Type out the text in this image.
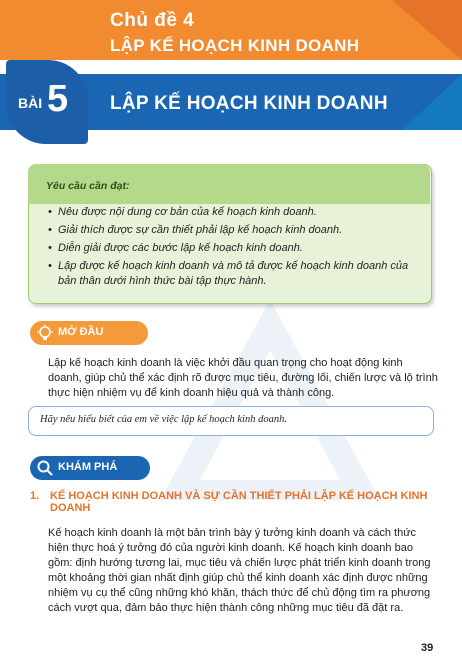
Chủ đề 4
LẬP KẾ HOẠCH KINH DOANH
BÀI 5 LẬP KẾ HOẠCH KINH DOANH
Yêu cầu cần đạt:
• Nêu được nội dung cơ bản của kế hoạch kinh doanh.
• Giải thích được sự cần thiết phải lập kế hoạch kinh doanh.
• Diễn giải được các bước lập kế hoạch kinh doanh.
• Lập được kế hoạch kinh doanh và mô tả được kế hoạch kinh doanh của bản thân dưới hình thức bài tập thực hành.
MỞ ĐẦU

Lập kế hoạch kinh doanh là việc khởi đầu quan trọng cho hoạt động kinh doanh, giúp chủ thể xác định rõ được mục tiêu, đường lối, chiến lược và lộ trình thực hiện nhiệm vụ để kinh doanh hiệu quả và thành công.

Hãy nêu hiểu biết của em về việc lập kế hoạch kinh doanh.
KHÁM PHÁ
1. KẾ HOẠCH KINH DOANH VÀ SỰ CẦN THIẾT PHẢI LẬP KẾ HOẠCH KINH DOANH

Kế hoạch kinh doanh là một bản trình bày ý tưởng kinh doanh và cách thức hiện thực hoá ý tưởng đó của người kinh doanh. Kế hoạch kinh doanh bao gồm: định hướng tương lai, mục tiêu và chiến lược phát triển kinh doanh trong một khoảng thời gian nhất định giúp chủ thể kinh doanh xác định được những nhiệm vụ cụ thể cũng những khó khăn, thách thức để chủ động tìm ra phương cách vượt qua, đảm bảo thực hiện thành công những mục tiêu đã đặt ra.

39
